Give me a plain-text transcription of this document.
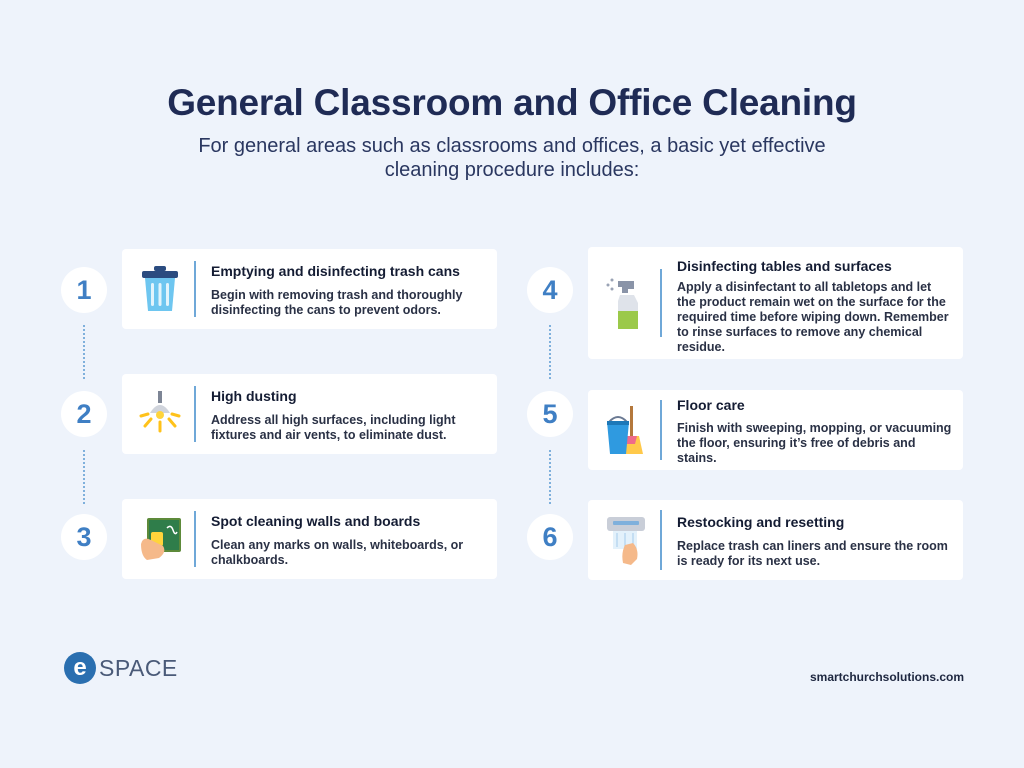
General Classroom and Office Cleaning
For general areas such as classrooms and offices, a basic yet effective cleaning procedure includes:
1
2
3
4
5
6
Emptying and disinfecting trash cans
Begin with removing trash and thoroughly disinfecting the cans to prevent odors.
High dusting
Address all high surfaces, including light fixtures and air vents, to eliminate dust.
Spot cleaning walls and boards
Clean any marks on walls, whiteboards, or chalkboards.
Disinfecting tables and surfaces
Apply a disinfectant to all tabletops and let the product remain wet on the surface for the required time before wiping down. Remember to rinse surfaces to remove any chemical residue.
Floor care
Finish with sweeping, mopping, or vacuuming the floor, ensuring it’s free of debris and stains.
Restocking and resetting
Replace trash can liners and ensure the room is ready for its next use.
e SPACE	smartchurchsolutions.com
